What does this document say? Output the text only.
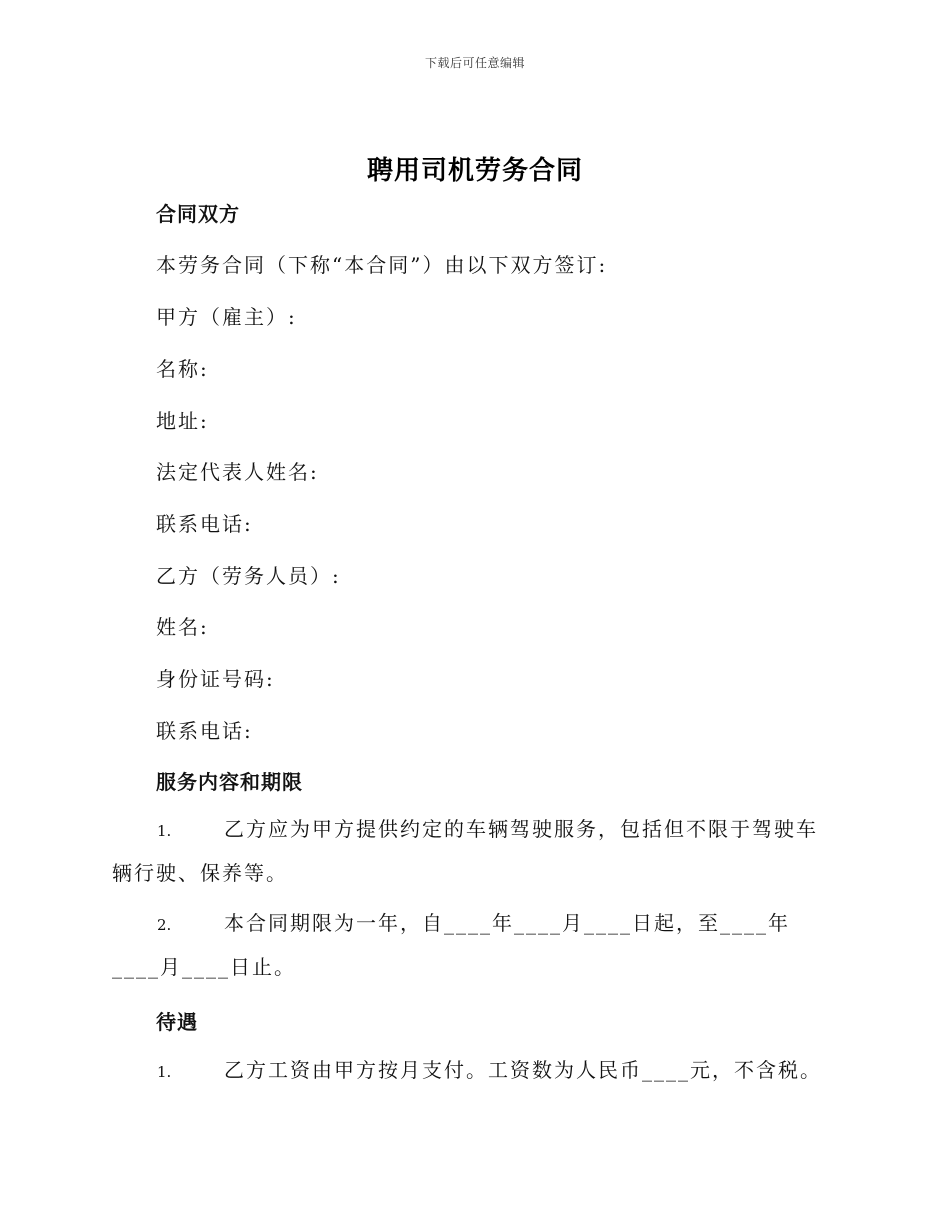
下载后可任意编辑
聘用司机劳务合同
合同双方
本劳务合同（下称“本合同”）由以下双方签订:
甲方（雇主）:
名称:
地址:
法定代表人姓名:
联系电话:
乙方（劳务人员）:
姓名:
身份证号码:
联系电话:
服务内容和期限
1.	乙方应为甲方提供约定的车辆驾驶服务，包括但不限于驾驶车辆行驶、保养等。
2.	本合同期限为一年，自____年____月____日起，至____年____月____日止。
待遇
1.	乙方工资由甲方按月支付。工资数为人民币____元，不含税。
